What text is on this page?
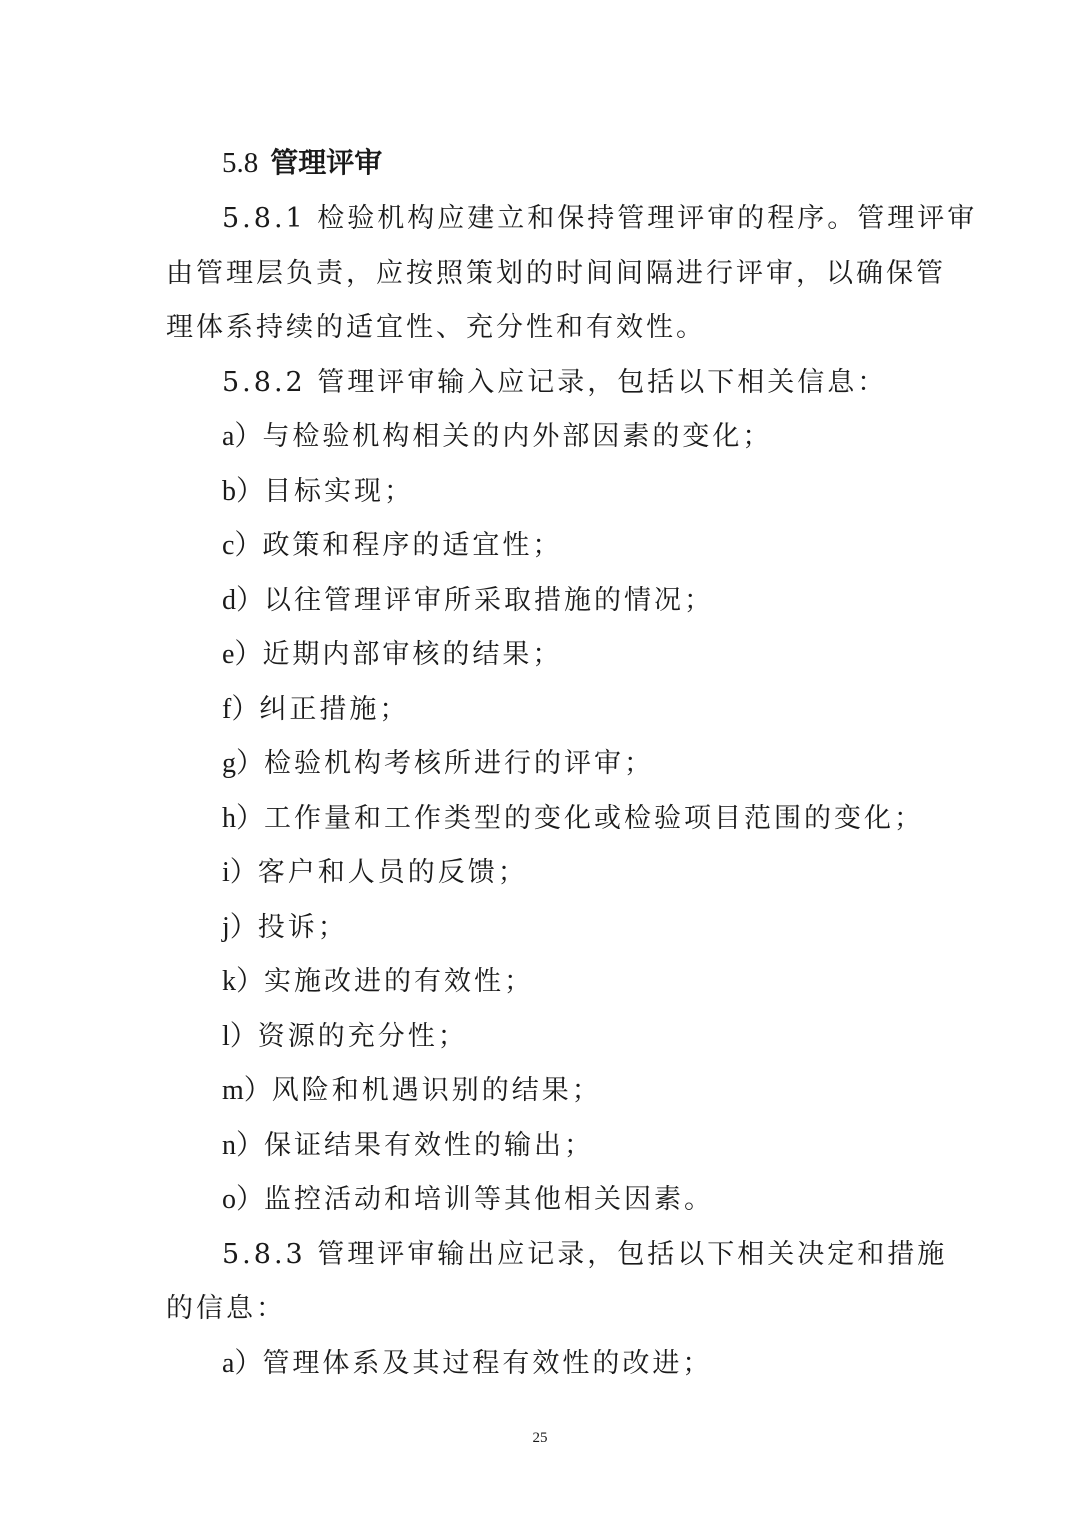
5.8 管理评审
5.8.1 检验机构应建立和保持管理评审的程序。管理评审
由管理层负责，应按照策划的时间间隔进行评审，以确保管
理体系持续的适宜性、充分性和有效性。
5.8.2 管理评审输入应记录，包括以下相关信息：
a）与检验机构相关的内外部因素的变化；
b）目标实现；
c）政策和程序的适宜性；
d）以往管理评审所采取措施的情况；
e）近期内部审核的结果；
f）纠正措施；
g）检验机构考核所进行的评审；
h）工作量和工作类型的变化或检验项目范围的变化；
i）客户和人员的反馈；
j）投诉；
k）实施改进的有效性；
l）资源的充分性；
m）风险和机遇识别的结果；
n）保证结果有效性的输出；
o）监控活动和培训等其他相关因素。
5.8.3 管理评审输出应记录，包括以下相关决定和措施
的信息：
a）管理体系及其过程有效性的改进；
25
